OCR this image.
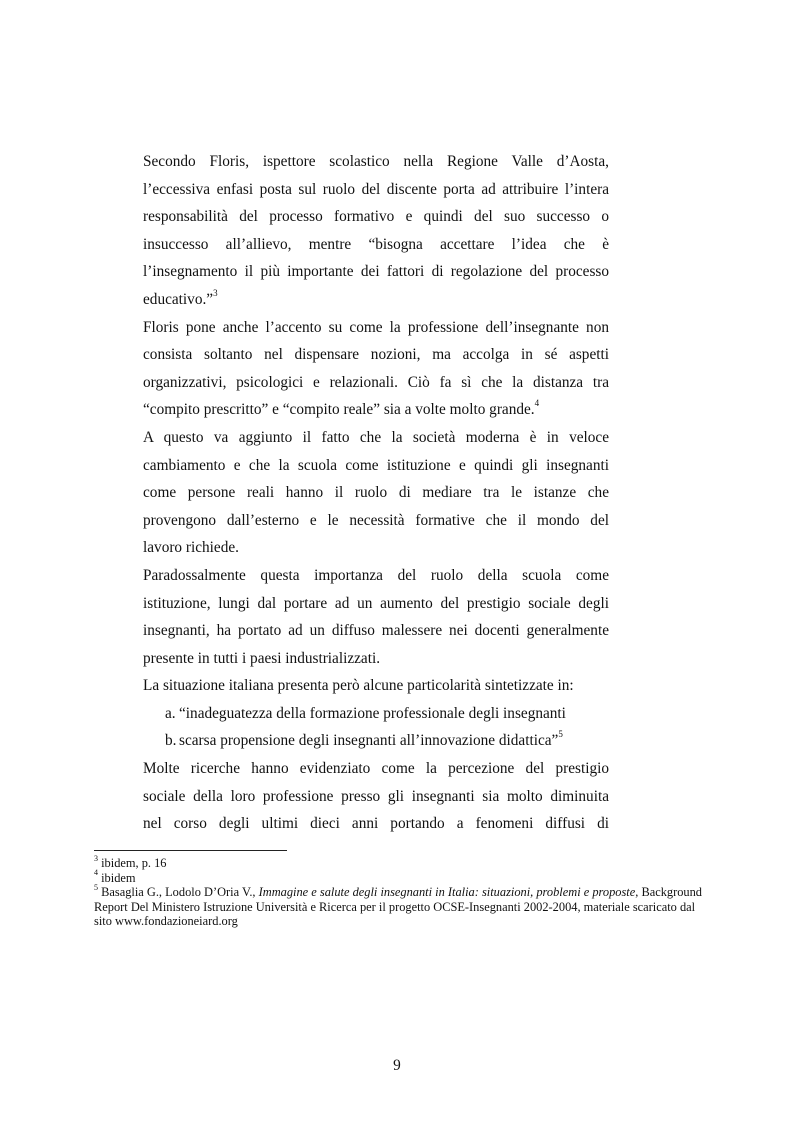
Secondo Floris, ispettore scolastico nella Regione Valle d’Aosta,
l’eccessiva enfasi posta sul ruolo del discente porta ad attribuire l’intera
responsabilità del processo formativo e quindi del suo successo o
insuccesso all’allievo, mentre “bisogna accettare l’idea che è
l’insegnamento il più importante dei fattori di regolazione del processo
educativo.”$^3$

Floris pone anche l’accento su come la professione dell’insegnante non
consista soltanto nel dispensare nozioni, ma accolga in sé aspetti
organizzativi, psicologici e relazionali. Ciò fa sì che la distanza tra
“compito prescritto” e “compito reale” sia a volte molto grande.$^4$

A questo va aggiunto il fatto che la società moderna è in veloce
cambiamento e che la scuola come istituzione e quindi gli insegnanti
come persone reali hanno il ruolo di mediare tra le istanze che
provengono dall’esterno e le necessità formative che il mondo del
lavoro richiede.

Paradossalmente questa importanza del ruolo della scuola come
istituzione, lungi dal portare ad un aumento del prestigio sociale degli
insegnanti, ha portato ad un diffuso malessere nei docenti generalmente
presente in tutti i paesi industrializzati.

La situazione italiana presenta però alcune particolarità sintetizzate in:

a. “inadeguatezza della formazione professionale degli insegnanti
b. scarsa propensione degli insegnanti all’innovazione didattica”$^5$

Molte ricerche hanno evidenziato come la percezione del prestigio
sociale della loro professione presso gli insegnanti sia molto diminuita
nel corso degli ultimi dieci anni portando a fenomeni diffusi di

$^3$ ibidem, p. 16

$^4$ ibidem

$^5$ Basaglia G., Lodolo D’Oria V., Immagine e salute degli insegnanti in Italia: situazioni, problemi e proposte, Background Report Del Ministero Istruzione Università e Ricerca per il progetto OCSE-Insegnanti 2002-2004, materiale scaricato dal sito www.fondazioneiard.org

9
